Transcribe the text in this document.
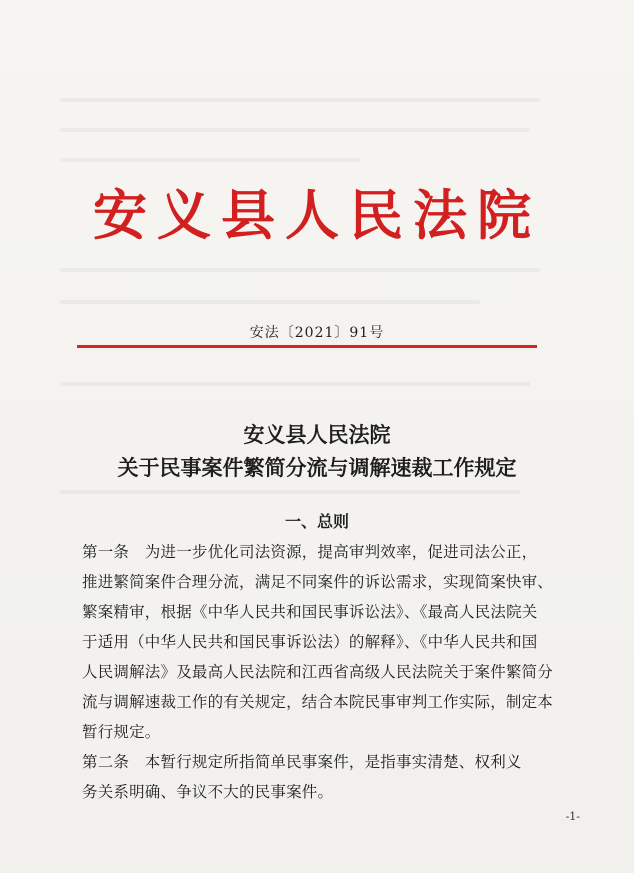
安义县人民法院
安法〔2021〕91号
安义县人民法院
关于民事案件繁简分流与调解速裁工作规定
一、总则
第一条　为进一步优化司法资源，提高审判效率，促进司法公正，
推进繁简案件合理分流，满足不同案件的诉讼需求，实现简案快审、
繁案精审，根据《中华人民共和国民事诉讼法》、《最高人民法院关
于适用（中华人民共和国民事诉讼法）的解释》、《中华人民共和国
人民调解法》及最高人民法院和江西省高级人民法院关于案件繁简分
流与调解速裁工作的有关规定，结合本院民事审判工作实际，制定本
暂行规定。
第二条　本暂行规定所指简单民事案件，是指事实清楚、权利义
务关系明确、争议不大的民事案件。
-1-
